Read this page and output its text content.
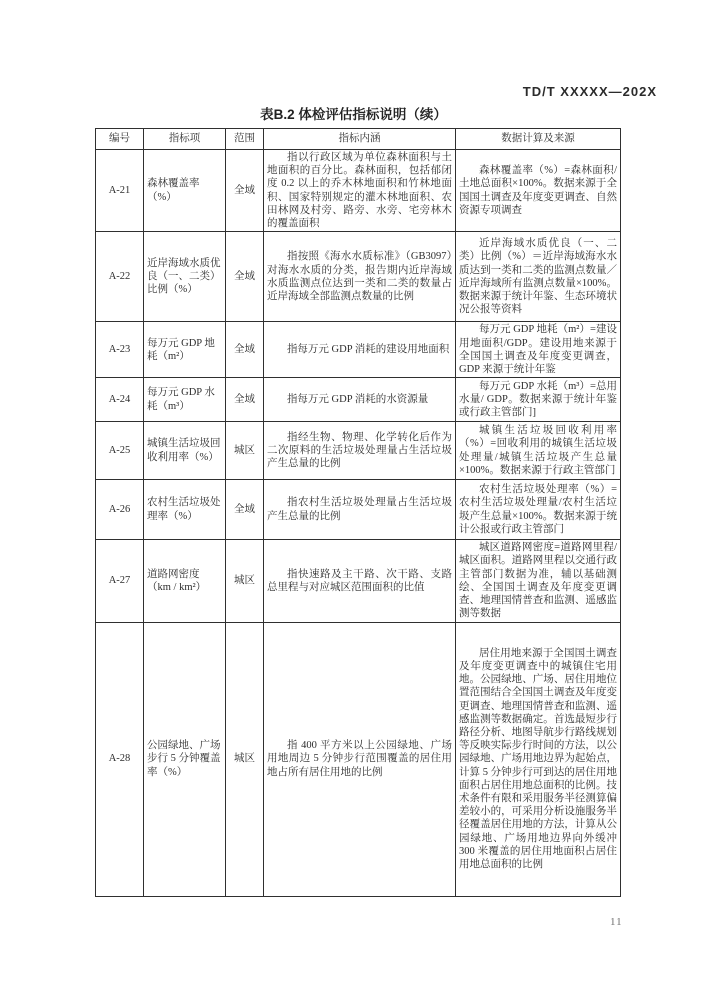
TD/T XXXXX—202X
表B.2 体检评估指标说明（续）
编号	指标项	范围	指标内涵	数据计算及来源
A-21	森林覆盖率（%）	全域	指以行政区域为单位森林面积与土地面积的百分比。森林面积，包括郁闭度 0.2 以上的乔木林地面积和竹林地面积、国家特别规定的灌木林地面积、农田林网及村旁、路旁、水旁、宅旁林木的覆盖面积	森林覆盖率（%）=森林面积/土地总面积×100%。数据来源于全国国土调查及年度变更调查、自然资源专项调查
A-22	近岸海域水质优良（一、二类）比例（%）	全域	指按照《海水水质标准》（GB3097）对海水水质的分类，报告期内近岸海域水质监测点位达到一类和二类的数量占近岸海域全部监测点数量的比例	近岸海域水质优良（一、二类）比例（%）＝近岸海域海水水质达到一类和二类的监测点数量／近岸海域所有监测点数量×100%。数据来源于统计年鉴、生态环境状况公报等资料
A-23	每万元 GDP 地耗（m²）	全域	指每万元 GDP 消耗的建设用地面积	每万元 GDP 地耗（m²）=建设用地面积/GDP。建设用地来源于全国国土调查及年度变更调查，GDP 来源于统计年鉴
A-24	每万元 GDP 水耗（m³）	全域	指每万元 GDP 消耗的水资源量	每万元 GDP 水耗（m³）=总用水量/ GDP。数据来源于统计年鉴或行政主管部门]
A-25	城镇生活垃圾回收利用率（%）	城区	指经生物、物理、化学转化后作为二次原料的生活垃圾处理量占生活垃圾产生总量的比例	城镇生活垃圾回收利用率（%）=回收利用的城镇生活垃圾处理量/城镇生活垃圾产生总量×100%。数据来源于行政主管部门
A-26	农村生活垃圾处理率（%）	全域	指农村生活垃圾处理量占生活垃圾产生总量的比例	农村生活垃圾处理率（%）=农村生活垃圾处理量/农村生活垃圾产生总量×100%。数据来源于统计公报或行政主管部门
A-27	道路网密度（km / km²）	城区	指快速路及主干路、次干路、支路总里程与对应城区范围面积的比值	城区道路网密度=道路网里程/城区面积。道路网里程以交通行政主管部门数据为准，辅以基础测绘、全国国土调查及年度变更调查、地理国情普查和监测、遥感监测等数据
A-28	公园绿地、广场步行 5 分钟覆盖率（%）	城区	指 400 平方米以上公园绿地、广场用地周边 5 分钟步行范围覆盖的居住用地占所有居住用地的比例	居住用地来源于全国国土调查及年度变更调查中的城镇住宅用地。公园绿地、广场、居住用地位置范围结合全国国土调查及年度变更调查、地理国情普查和监测、遥感监测等数据确定。首选最短步行路径分析、地图导航步行路线规划等反映实际步行时间的方法，以公园绿地、广场用地边界为起始点，计算 5 分钟步行可到达的居住用地面积占居住用地总面积的比例。技术条件有限和采用服务半径测算偏差较小的，可采用分析设施服务半径覆盖居住用地的方法，计算从公园绿地、广场用地边界向外缓冲 300 米覆盖的居住用地面积占居住用地总面积的比例
11
